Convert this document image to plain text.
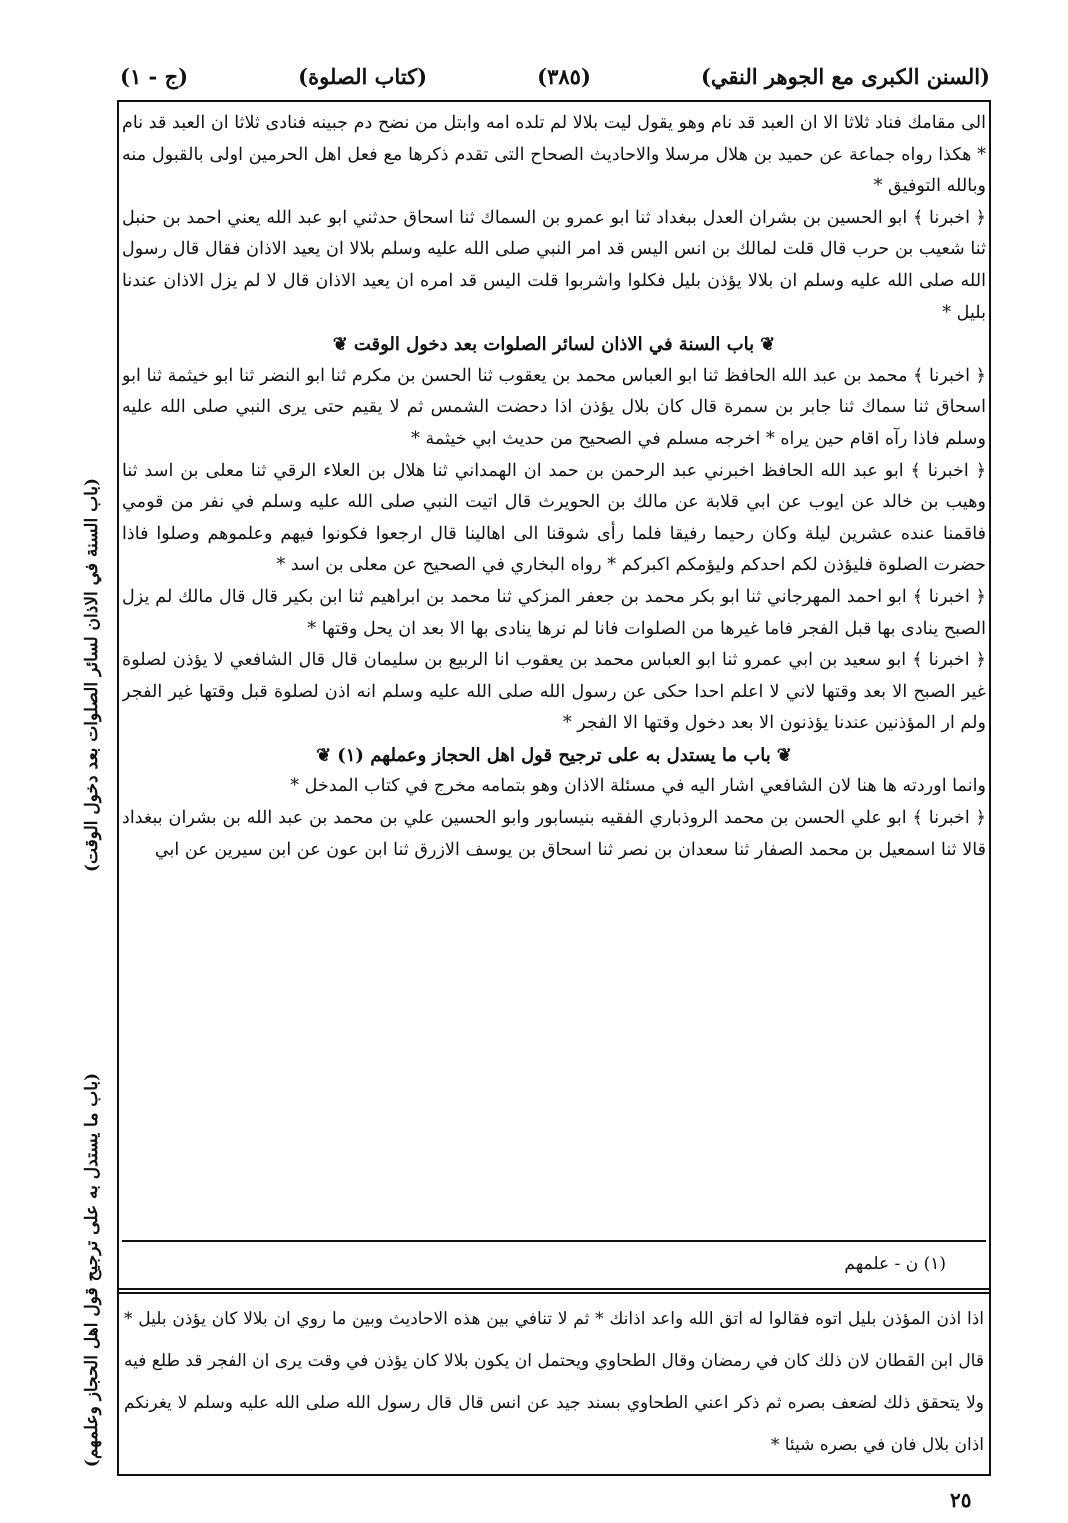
(السنن الكبرى مع الجوهر النقي)
(٣٨٥)
(كتاب الصلوة)
(ج - ١)

الى مقامك فناد ثلاثا الا ان العبد قد نام وهو يقول ليت بلالا لم تلده امه وابتل من نضح دم جبينه فنادى ثلاثا ان العبد قد نام * هكذا رواه جماعة عن حميد بن هلال مرسلا والاحاديث الصحاح التى تقدم ذكرها مع فعل اهل الحرمين اولى بالقبول منه وبالله التوفيق *

﴿ اخبرنا ﴾ ابو الحسين بن بشران العدل ببغداد ثنا ابو عمرو بن السماك ثنا اسحاق حدثني ابو عبد الله يعني احمد بن حنبل ثنا شعيب بن حرب قال قلت لمالك بن انس اليس قد امر النبي صلى الله عليه وسلم بلالا ان يعيد الاذان فقال قال رسول الله صلى الله عليه وسلم ان بلالا يؤذن بليل فكلوا واشربوا قلت اليس قد امره ان يعيد الاذان قال لا لم يزل الاذان عندنا بليل *

❦باب السنة في الاذان لسائر الصلوات بعد دخول الوقت❦

﴿ اخبرنا ﴾ محمد بن عبد الله الحافظ ثنا ابو العباس محمد بن يعقوب ثنا الحسن بن مكرم ثنا ابو النضر ثنا ابو خيثمة ثنا ابو اسحاق ثنا سماك ثنا جابر بن سمرة قال كان بلال يؤذن اذا دحضت الشمس ثم لا يقيم حتى يرى النبي صلى الله عليه وسلم فاذا رآه اقام حين يراه * اخرجه مسلم في الصحيح من حديث ابي خيثمة *

﴿ اخبرنا ﴾ ابو عبد الله الحافظ اخبرني عبد الرحمن بن حمد ان الهمداني ثنا هلال بن العلاء الرقي ثنا معلى بن اسد ثنا وهيب بن خالد عن ايوب عن ابي قلابة عن مالك بن الحويرث قال اتيت النبي صلى الله عليه وسلم في نفر من قومي فاقمنا عنده عشرين ليلة وكان رحيما رفيقا فلما رأى شوقنا الى اهالينا قال ارجعوا فكونوا فيهم وعلموهم وصلوا فاذا حضرت الصلوة فليؤذن لكم احدكم وليؤمكم اكبركم * رواه البخاري في الصحيح عن معلى بن اسد *

﴿ اخبرنا ﴾ ابو احمد المهرجاني ثنا ابو بكر محمد بن جعفر المزكي ثنا محمد بن ابراهيم ثنا ابن بكير قال قال مالك لم يزل الصبح ينادى بها قبل الفجر فاما غيرها من الصلوات فانا لم نرها ينادى بها الا بعد ان يحل وقتها *

﴿ اخبرنا ﴾ ابو سعيد بن ابي عمرو ثنا ابو العباس محمد بن يعقوب انا الربيع بن سليمان قال قال الشافعي لا يؤذن لصلوة غير الصبح الا بعد وقتها لاني لا اعلم احدا حكى عن رسول الله صلى الله عليه وسلم انه اذن لصلوة قبل وقتها غير الفجر ولم ار المؤذنين عندنا يؤذنون الا بعد دخول وقتها الا الفجر *

❦باب ما يستدل به على ترجيح قول اهل الحجاز وعملهم (١)❦

وانما اوردته ها هنا لان الشافعي اشار اليه في مسئلة الاذان وهو بتمامه مخرج في كتاب المدخل *

﴿ اخبرنا ﴾ ابو علي الحسن بن محمد الروذباري الفقيه بنيسابور وابو الحسين علي بن محمد بن عبد الله بن بشران ببغداد قالا ثنا اسمعيل بن محمد الصفار ثنا سعدان بن نصر ثنا اسحاق بن يوسف الازرق ثنا ابن عون عن ابن سيرين عن ابي

(١) ن - علمهم
اذا اذن المؤذن بليل اتوه فقالوا له اتق الله واعد اذانك * ثم لا تنافي بين هذه الاحاديث وبين ما روي ان بلالا كان يؤذن بليل * قال ابن القطان لان ذلك كان في رمضان وقال الطحاوي ويحتمل ان يكون بلالا كان يؤذن في وقت يرى ان الفجر قد طلع فيه ولا يتحقق ذلك لضعف بصره ثم ذكر اعني الطحاوي بسند جيد عن انس قال قال رسول الله صلى الله عليه وسلم لا يغرنكم اذان بلال فان في بصره شيئا *
(باب السنة في الاذان لسائر الصلوات بعد دخول الوقت)
(باب ما يستدل به على ترجيح قول اهل الحجاز وعلمهم)
٢٥
